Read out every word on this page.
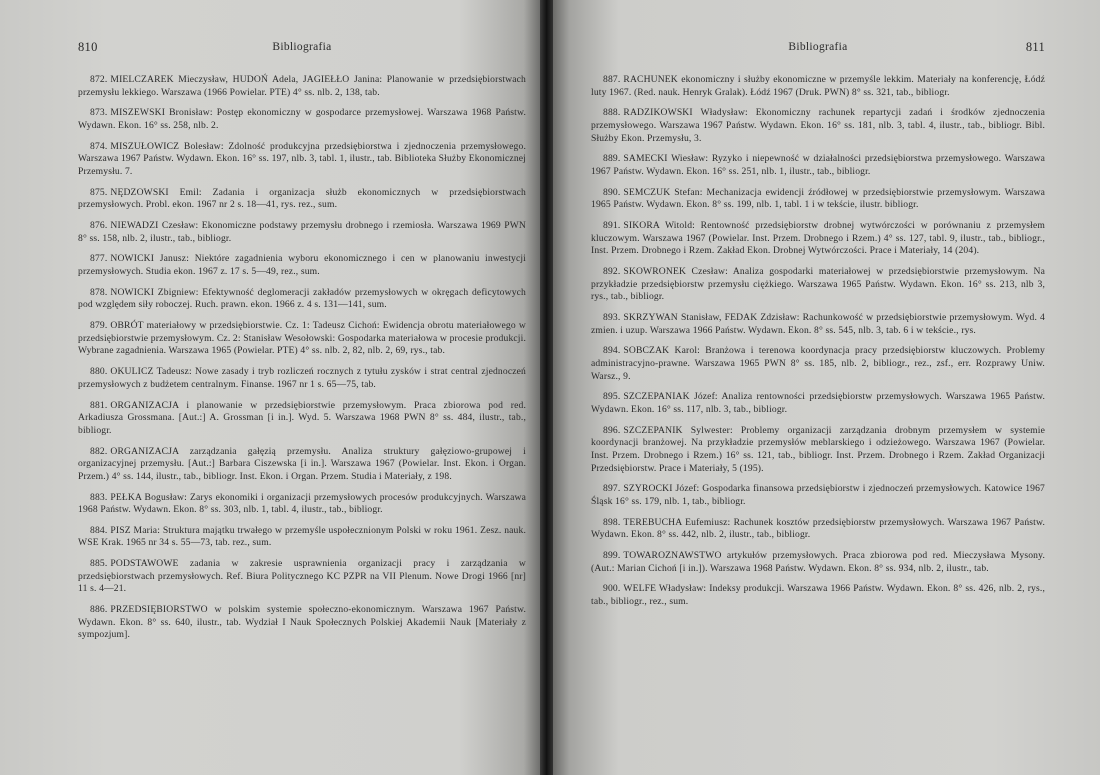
810	Bibliografia

872. MIELCZAREK Mieczysław, HUDOŃ Adela, JAGIEŁŁO Janina: Planowanie w przedsiębiorstwach przemysłu lekkiego. Warszawa (1966 Powielar. PTE) 4° ss. nlb. 2, 138, tab.

873. MISZEWSKI Bronisław: Postęp ekonomiczny w gospodarce przemysłowej. Warszawa 1968 Państw. Wydawn. Ekon. 16° ss. 258, nlb. 2.

874. MISZUŁOWICZ Bolesław: Zdolność produkcyjna przedsiębiorstwa i zjednoczenia przemysłowego. Warszawa 1967 Państw. Wydawn. Ekon. 16° ss. 197, nlb. 3, tabl. 1, ilustr., tab. Biblioteka Służby Ekonomicznej Przemysłu. 7.

875. NĘDZOWSKI Emil: Zadania i organizacja służb ekonomicznych w przedsiębiorstwach przemysłowych. Probl. ekon. 1967 nr 2 s. 18—41, rys. rez., sum.

876. NIEWADZI Czesław: Ekonomiczne podstawy przemysłu drobnego i rzemiosła. Warszawa 1969 PWN 8° ss. 158, nlb. 2, ilustr., tab., bibliogr.

877. NOWICKI Janusz: Niektóre zagadnienia wyboru ekonomicznego i cen w planowaniu inwestycji przemysłowych. Studia ekon. 1967 z. 17 s. 5—49, rez., sum.

878. NOWICKI Zbigniew: Efektywność deglomeracji zakładów przemysłowych w okręgach deficytowych pod względem siły roboczej. Ruch. prawn. ekon. 1966 z. 4 s. 131—141, sum.

879. OBRÓT materiałowy w przedsiębiorstwie. Cz. 1: Tadeusz Cichoń: Ewidencja obrotu materiałowego w przedsiębiorstwie przemysłowym. Cz. 2: Stanisław Wesołowski: Gospodarka materiałowa w procesie produkcji. Wybrane zagadnienia. Warszawa 1965 (Powielar. PTE) 4° ss. nlb. 2, 82, nlb. 2, 69, rys., tab.

880. OKULICZ Tadeusz: Nowe zasady i tryb rozliczeń rocznych z tytułu zysków i strat central zjednoczeń przemysłowych z budżetem centralnym. Finanse. 1967 nr 1 s. 65—75, tab.

881. ORGANIZACJA i planowanie w przedsiębiorstwie przemysłowym. Praca zbiorowa pod red. Arkadiusza Grossmana. [Aut.:] A. Grossman [i in.]. Wyd. 5. Warszawa 1968 PWN 8° ss. 484, ilustr., tab., bibliogr.

882. ORGANIZACJA zarządzania gałęzią przemysłu. Analiza struktury gałęziowo-grupowej i organizacyjnej przemysłu. [Aut.:] Barbara Ciszewska [i in.]. Warszawa 1967 (Powielar. Inst. Ekon. i Organ. Przem.) 4° ss. 144, ilustr., tab., bibliogr. Inst. Ekon. i Organ. Przem. Studia i Materiały, z 198.

883. PEŁKA Bogusław: Zarys ekonomiki i organizacji przemysłowych procesów produkcyjnych. Warszawa 1968 Państw. Wydawn. Ekon. 8° ss. 303, nlb. 1, tabl. 4, ilustr., tab., bibliogr.

884. PISZ Maria: Struktura majątku trwałego w przemyśle uspołecznionym Polski w roku 1961. Zesz. nauk. WSE Krak. 1965 nr 34 s. 55—73, tab. rez., sum.

885. PODSTAWOWE zadania w zakresie usprawnienia organizacji pracy i zarządzania w przedsiębiorstwach przemysłowych. Ref. Biura Politycznego KC PZPR na VII Plenum. Nowe Drogi 1966 [nr] 11 s. 4—21.

886. PRZEDSIĘBIORSTWO w polskim systemie społeczno-ekonomicznym. Warszawa 1967 Państw. Wydawn. Ekon. 8° ss. 640, ilustr., tab. Wydział I Nauk Społecznych Polskiej Akademii Nauk [Materiały z sympozjum].

Bibliografia	811

887. RACHUNEK ekonomiczny i służby ekonomiczne w przemyśle lekkim. Materiały na konferencję, Łódź luty 1967. (Red. nauk. Henryk Gralak). Łódź 1967 (Druk. PWN) 8° ss. 321, tab., bibliogr.

888. RADZIKOWSKI Władysław: Ekonomiczny rachunek repartycji zadań i środków zjednoczenia przemysłowego. Warszawa 1967 Państw. Wydawn. Ekon. 16° ss. 181, nlb. 3, tabl. 4, ilustr., tab., bibliogr. Bibl. Służby Ekon. Przemysłu, 3.

889. SAMECKI Wiesław: Ryzyko i niepewność w działalności przedsiębiorstwa przemysłowego. Warszawa 1967 Państw. Wydawn. Ekon. 16° ss. 251, nlb. 1, ilustr., tab., bibliogr.

890. SEMCZUK Stefan: Mechanizacja ewidencji źródłowej w przedsiębiorstwie przemysłowym. Warszawa 1965 Państw. Wydawn. Ekon. 8° ss. 199, nlb. 1, tabl. 1 i w tekście, ilustr. bibliogr.

891. SIKORA Witold: Rentowność przedsiębiorstw drobnej wytwórczości w porównaniu z przemysłem kluczowym. Warszawa 1967 (Powielar. Inst. Przem. Drobnego i Rzem.) 4° ss. 127, tabl. 9, ilustr., tab., bibliogr., Inst. Przem. Drobnego i Rzem. Zakład Ekon. Drobnej Wytwórczości. Prace i Materiały, 14 (204).

892. SKOWRONEK Czesław: Analiza gospodarki materiałowej w przedsiębiorstwie przemysłowym. Na przykładzie przedsiębiorstw przemysłu ciężkiego. Warszawa 1965 Państw. Wydawn. Ekon. 16° ss. 213, nlb 3, rys., tab., bibliogr.

893. SKRZYWAN Stanisław, FEDAK Zdzisław: Rachunkowość w przedsiębiorstwie przemysłowym. Wyd. 4 zmien. i uzup. Warszawa 1966 Państw. Wydawn. Ekon. 8° ss. 545, nlb. 3, tab. 6 i w tekście., rys.

894. SOBCZAK Karol: Branżowa i terenowa koordynacja pracy przedsiębiorstw kluczowych. Problemy administracyjno-prawne. Warszawa 1965 PWN 8° ss. 185, nlb. 2, bibliogr., rez., zsf., err. Rozprawy Uniw. Warsz., 9.

895. SZCZEPANIAK Józef: Analiza rentowności przedsiębiorstw przemysłowych. Warszawa 1965 Państw. Wydawn. Ekon. 16° ss. 117, nlb. 3, tab., bibliogr.

896. SZCZEPANIK Sylwester: Problemy organizacji zarządzania drobnym przemysłem w systemie koordynacji branżowej. Na przykładzie przemysłów meblarskiego i odzieżowego. Warszawa 1967 (Powielar. Inst. Przem. Drobnego i Rzem.) 16° ss. 121, tab., bibliogr. Inst. Przem. Drobnego i Rzem. Zakład Organizacji Przedsiębiorstw. Prace i Materiały, 5 (195).

897. SZYROCKI Józef: Gospodarka finansowa przedsiębiorstw i zjednoczeń przemysłowych. Katowice 1967 Śląsk 16° ss. 179, nlb. 1, tab., bibliogr.

898. TEREBUCHA Eufemiusz: Rachunek kosztów przedsiębiorstw przemysłowych. Warszawa 1967 Państw. Wydawn. Ekon. 8° ss. 442, nlb. 2, ilustr., tab., bibliogr.

899. TOWAROZNAWSTWO artykułów przemysłowych. Praca zbiorowa pod red. Mieczysława Mysony. (Aut.: Marian Cichoń [i in.]). Warszawa 1968 Państw. Wydawn. Ekon. 8° ss. 934, nlb. 2, ilustr., tab.

900. WELFE Władysław: Indeksy produkcji. Warszawa 1966 Państw. Wydawn. Ekon. 8° ss. 426, nlb. 2, rys., tab., bibliogr., rez., sum.
